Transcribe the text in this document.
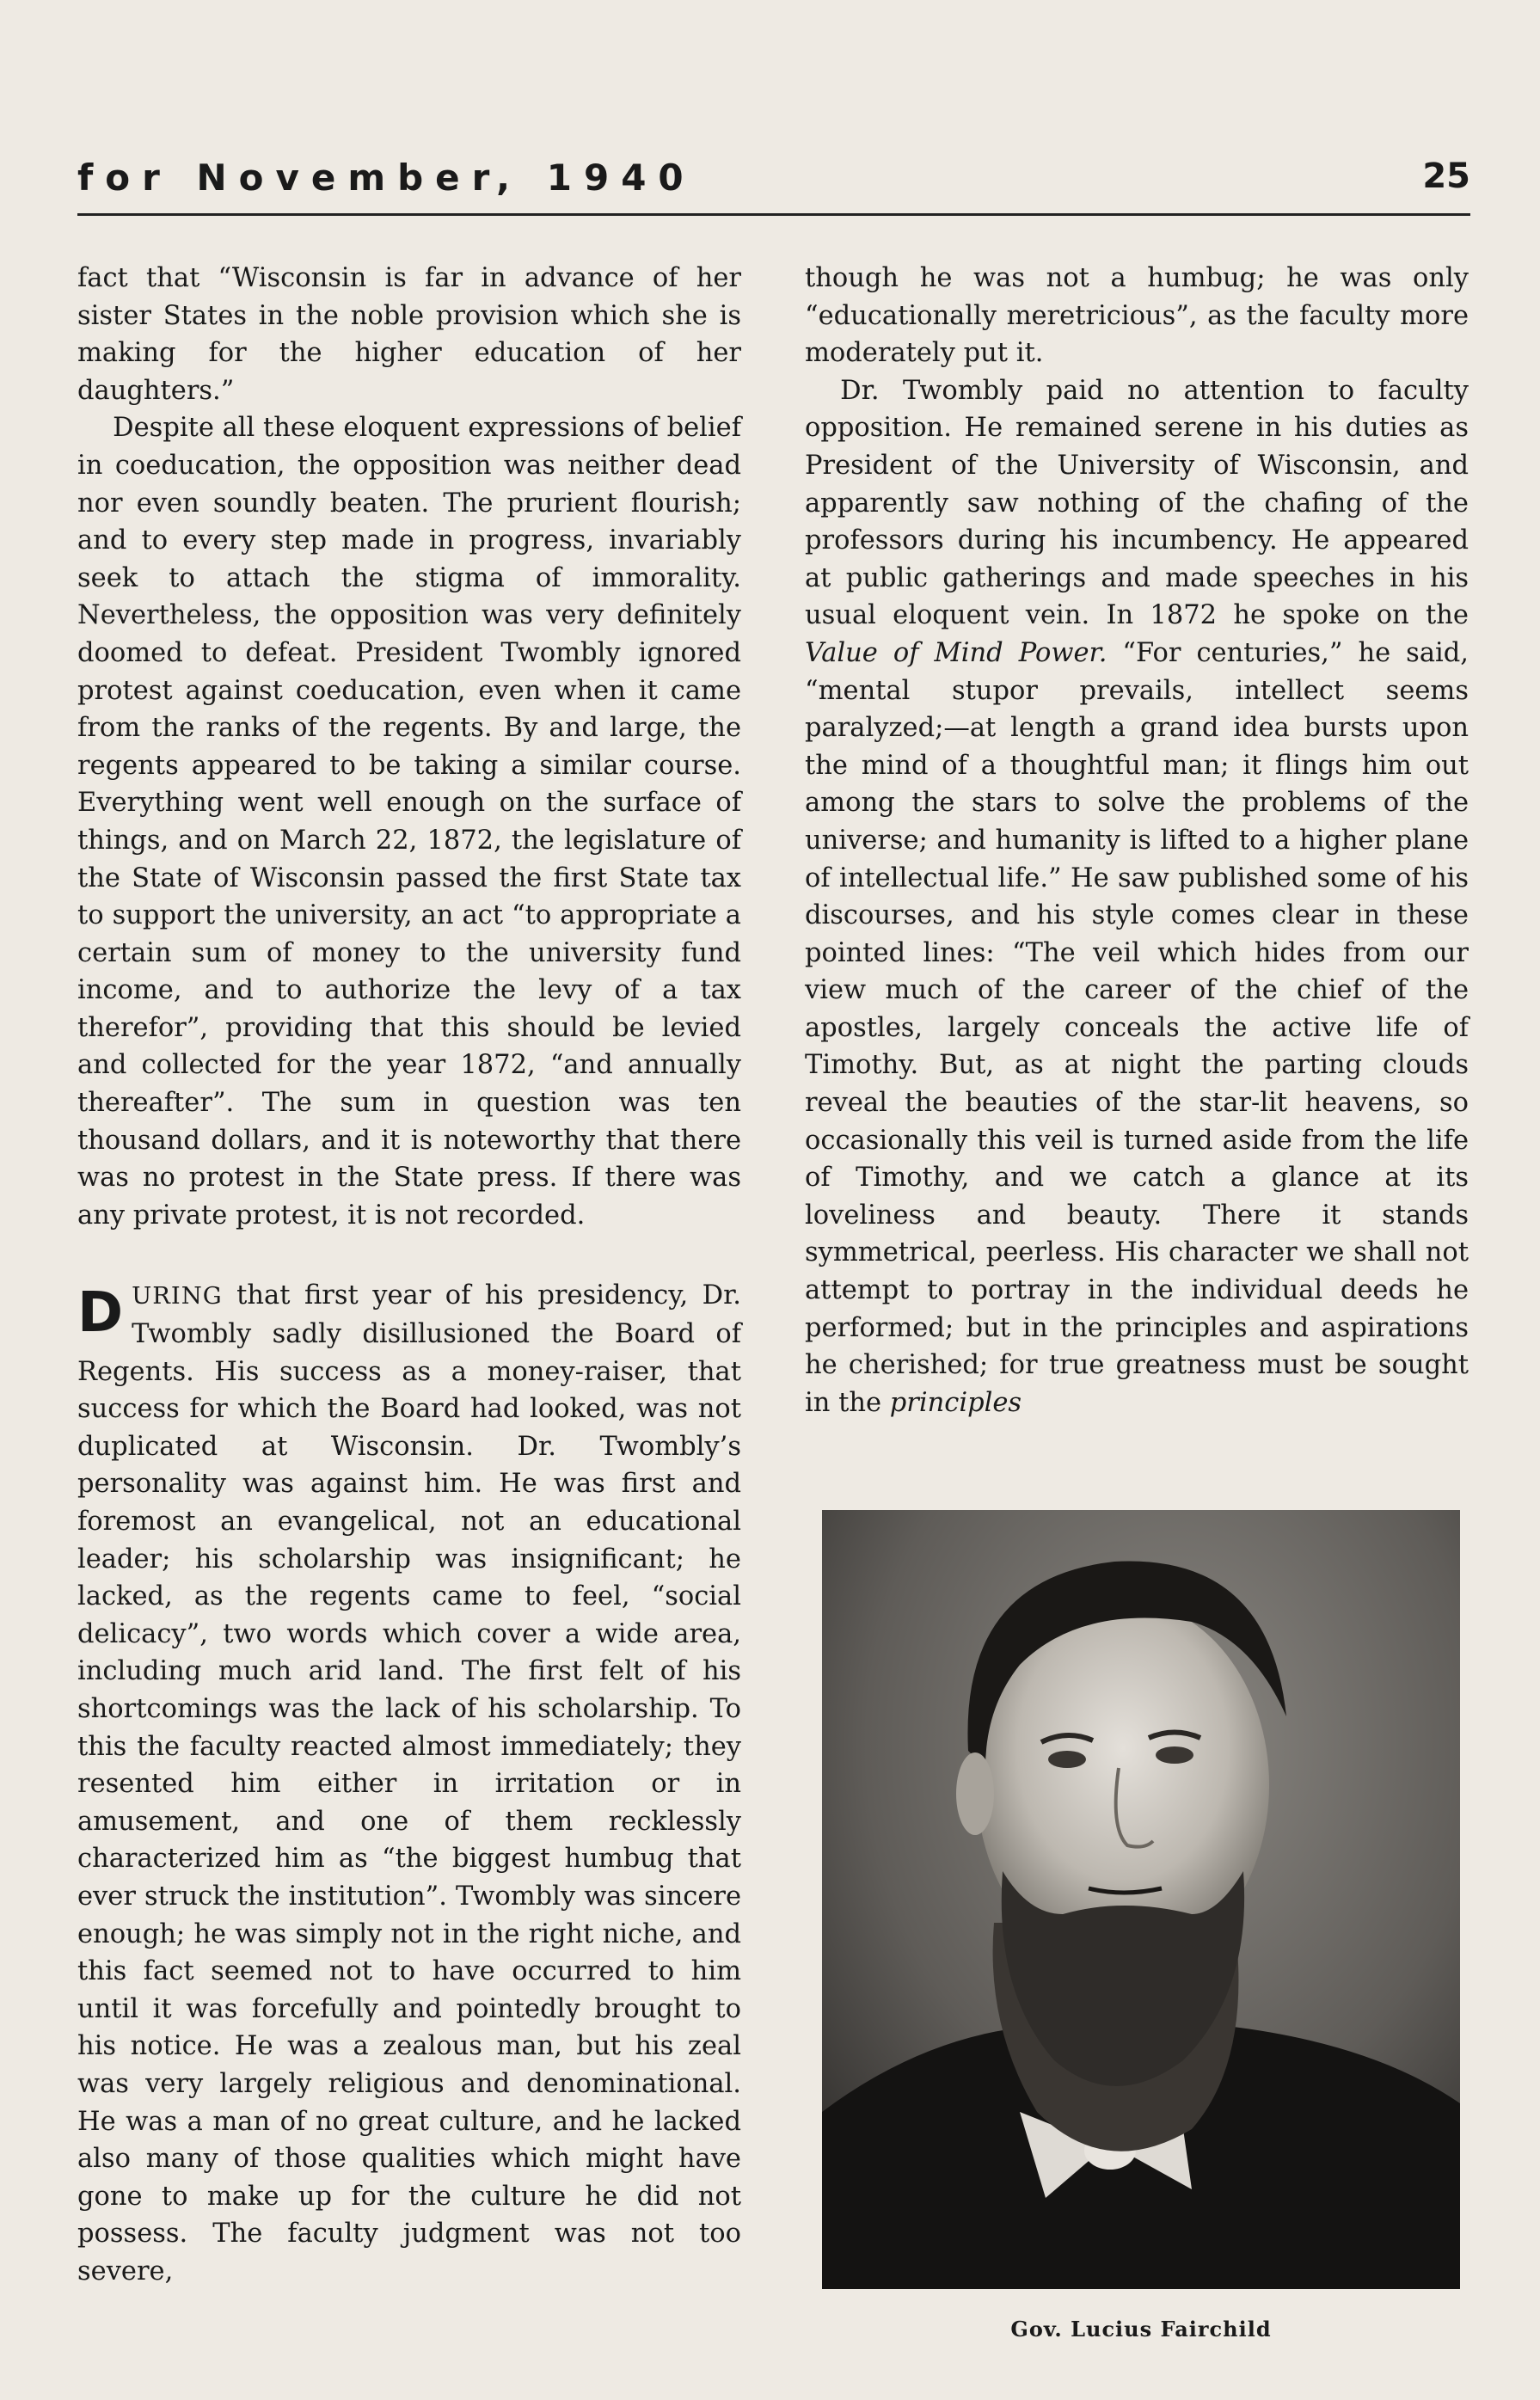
for November, 1940	25

fact that “Wisconsin is far in advance of her sister States in the noble provision which she is making for the higher education of her daughters.”

Despite all these eloquent expressions of belief in coeducation, the opposition was neither dead nor even soundly beaten. The prurient flourish; and to every step made in progress, invariably seek to attach the stigma of immorality. Nevertheless, the opposition was very definitely doomed to defeat. President Twombly ignored protest against coeducation, even when it came from the ranks of the regents. By and large, the regents appeared to be taking a similar course. Everything went well enough on the surface of things, and on March 22, 1872, the legislature of the State of Wisconsin passed the first State tax to support the university, an act “to appropriate a certain sum of money to the university fund income, and to authorize the levy of a tax therefor”, providing that this should be levied and collected for the year 1872, “and annually thereafter”. The sum in question was ten thousand dollars, and it is noteworthy that there was no protest in the State press. If there was any private protest, it is not recorded.

DURING that first year of his presidency, Dr. Twombly sadly disillusioned the Board of Regents. His success as a money-raiser, that success for which the Board had looked, was not duplicated at Wisconsin. Dr. Twombly’s personality was against him. He was first and foremost an evangelical, not an educational leader; his scholarship was insignificant; he lacked, as the regents came to feel, “social delicacy”, two words which cover a wide area, including much arid land. The first felt of his shortcomings was the lack of his scholarship. To this the faculty reacted almost immediately; they resented him either in irritation or in amusement, and one of them recklessly characterized him as “the biggest humbug that ever struck the institution”. Twombly was sincere enough; he was simply not in the right niche, and this fact seemed not to have occurred to him until it was forcefully and pointedly brought to his notice. He was a zealous man, but his zeal was very largely religious and denominational. He was a man of no great culture, and he lacked also many of those qualities which might have gone to make up for the culture he did not possess. The faculty judgment was not too severe,

though he was not a humbug; he was only “educationally meretricious”, as the faculty more moderately put it.

Dr. Twombly paid no attention to faculty opposition. He remained serene in his duties as President of the University of Wisconsin, and apparently saw nothing of the chafing of the professors during his incumbency. He appeared at public gatherings and made speeches in his usual eloquent vein. In 1872 he spoke on the Value of Mind Power. “For centuries,” he said, “mental stupor prevails, intellect seems paralyzed;—at length a grand idea bursts upon the mind of a thoughtful man; it flings him out among the stars to solve the problems of the universe; and humanity is lifted to a higher plane of intellectual life.” He saw published some of his discourses, and his style comes clear in these pointed lines: “The veil which hides from our view much of the career of the chief of the apostles, largely conceals the active life of Timothy. But, as at night the parting clouds reveal the beauties of the star-lit heavens, so occasionally this veil is turned aside from the life of Timothy, and we catch a glance at its loveliness and beauty. There it stands symmetrical, peerless. His character we shall not attempt to portray in the individual deeds he performed; but in the principles and aspirations he cherished; for true greatness must be sought in the principles

Gov. Lucius Fairchild
